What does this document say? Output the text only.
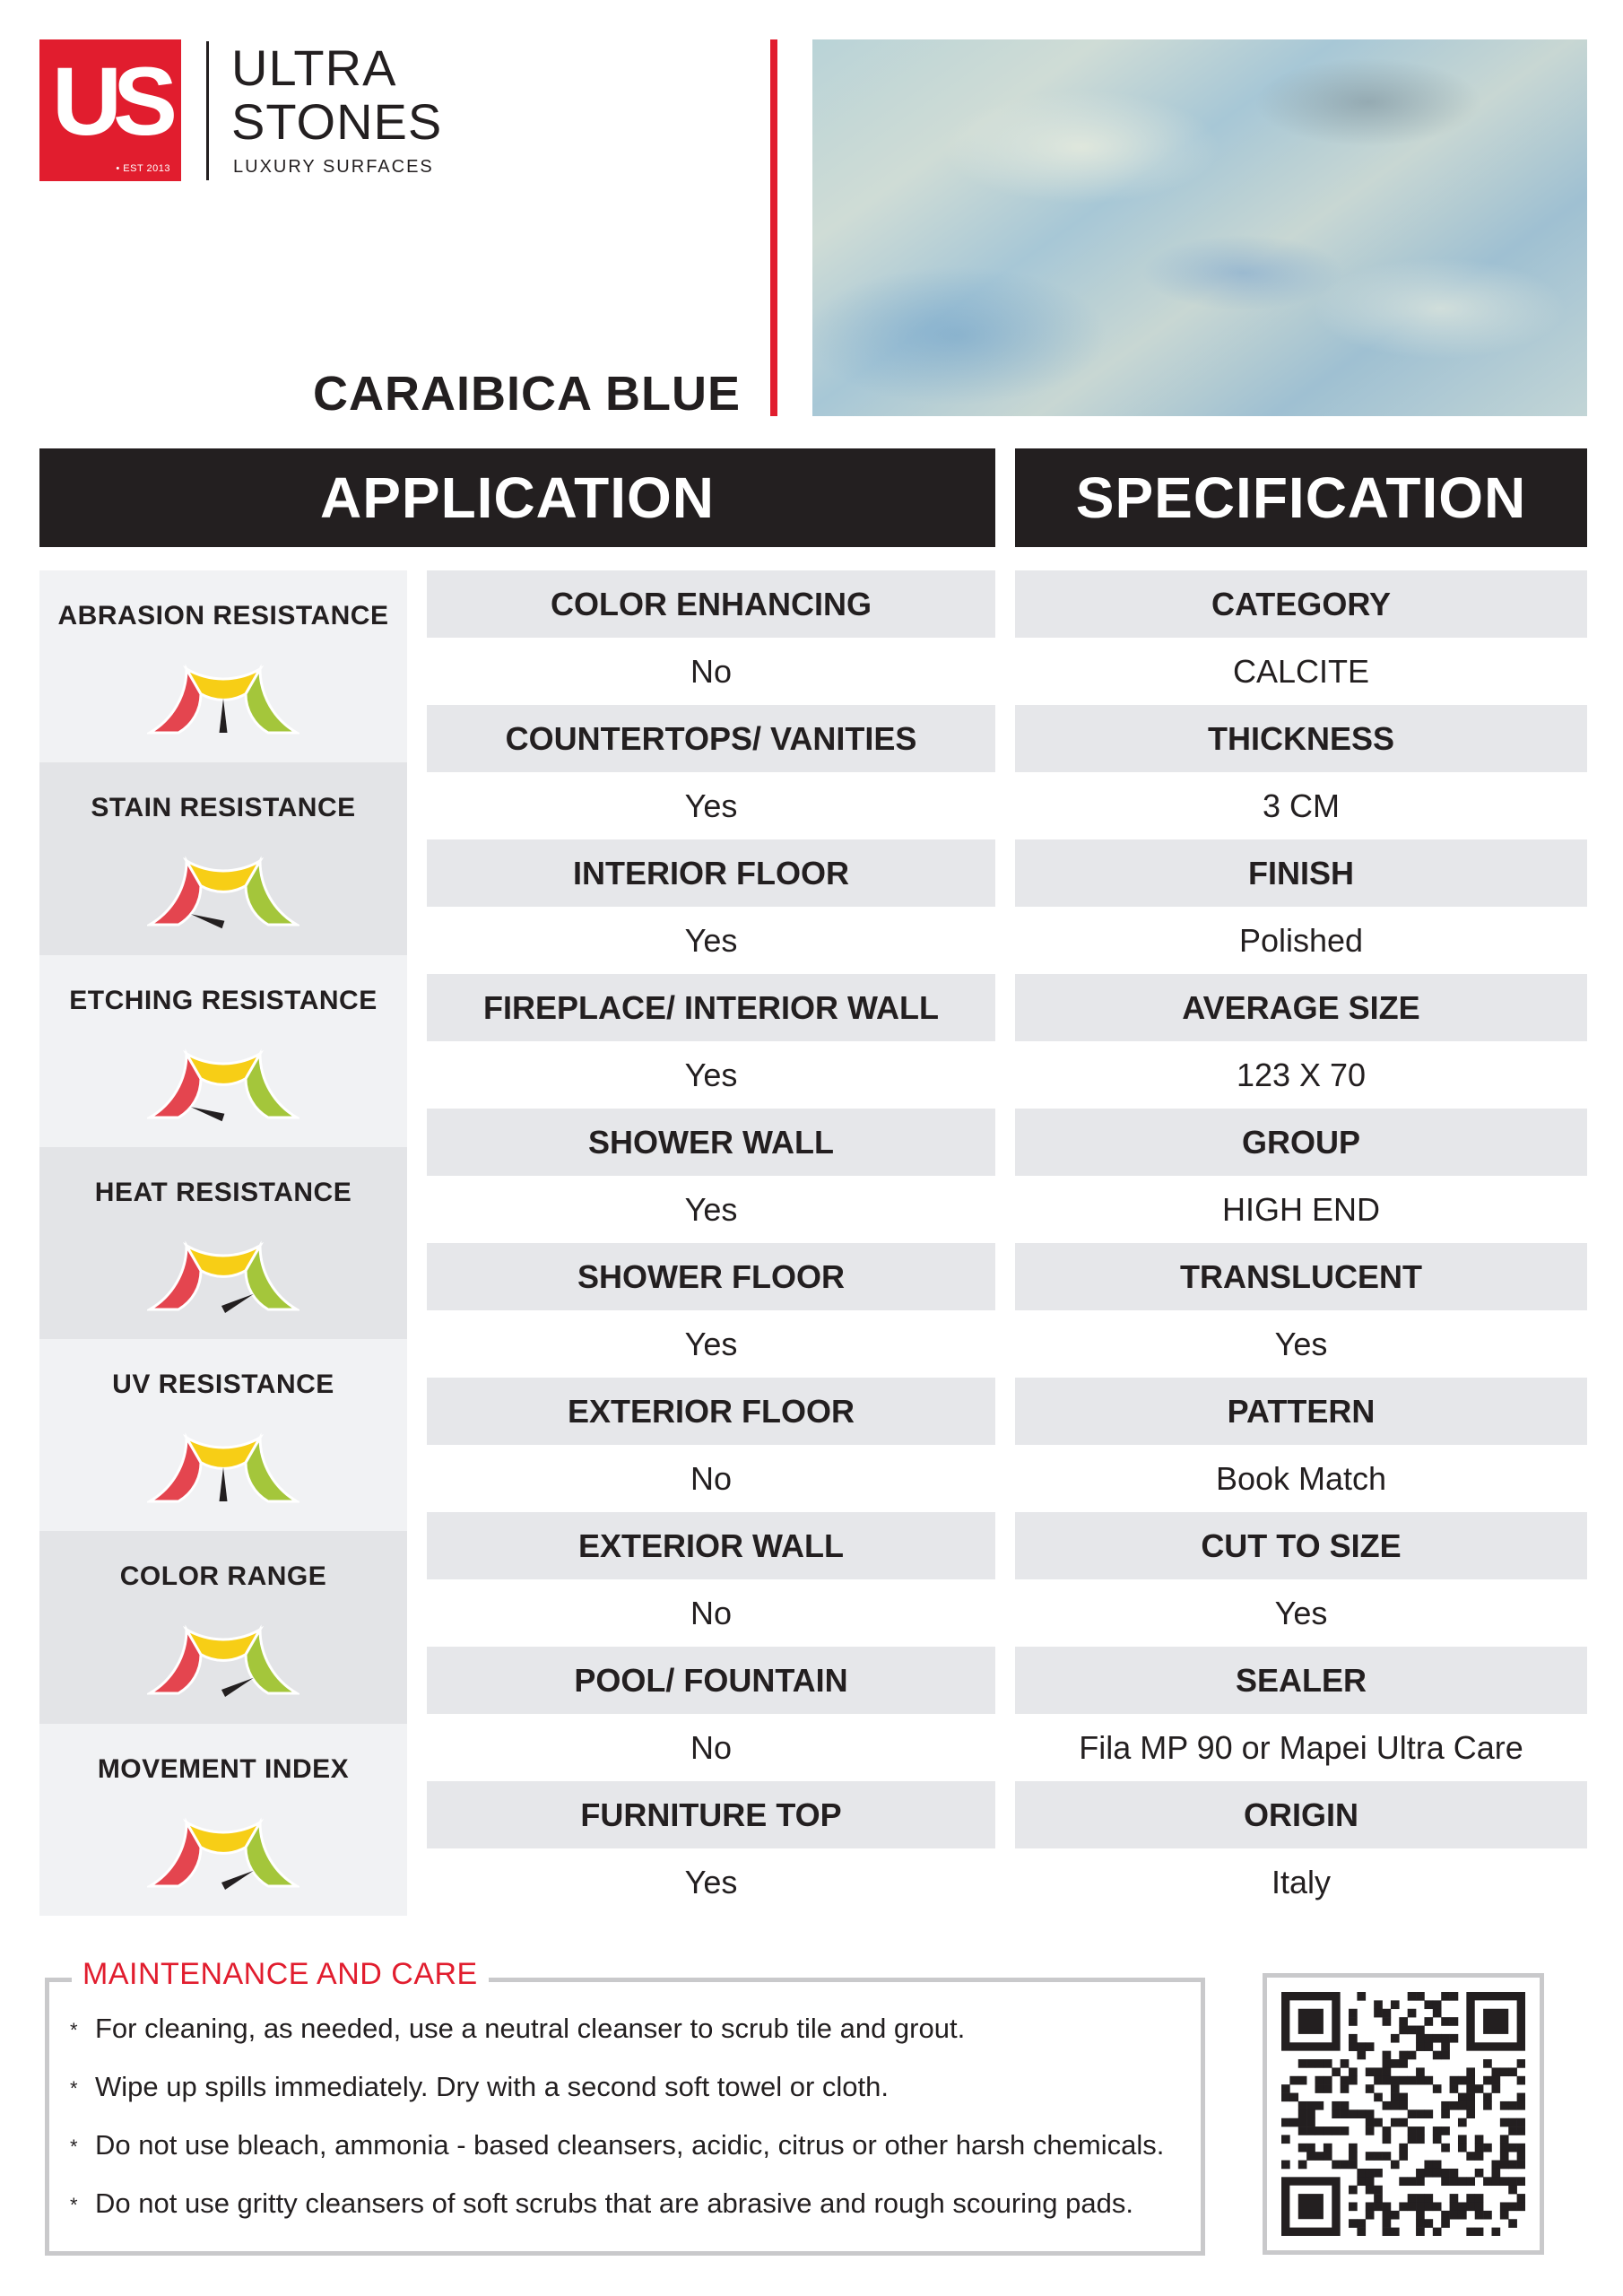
US
• EST 2013
ULTRA
STONES
LUXURY SURFACES
CARAIBICA BLUE
APPLICATION	SPECIFICATION
ABRASION RESISTANCE
STAIN RESISTANCE
ETCHING RESISTANCE
HEAT RESISTANCE
UV RESISTANCE
COLOR RANGE
MOVEMENT INDEX
COLOR ENHANCING
No
COUNTERTOPS/ VANITIES
Yes
INTERIOR FLOOR
Yes
FIREPLACE/ INTERIOR WALL
Yes
SHOWER WALL
Yes
SHOWER FLOOR
Yes
EXTERIOR FLOOR
No
EXTERIOR WALL
No
POOL/ FOUNTAIN
No
FURNITURE TOP
Yes
CATEGORY
CALCITE
THICKNESS
3 CM
FINISH
Polished
AVERAGE SIZE
123 X 70
GROUP
HIGH END
TRANSLUCENT
Yes
PATTERN
Book Match
CUT TO SIZE
Yes
SEALER
Fila MP 90 or Mapei Ultra Care
ORIGIN
Italy
MAINTENANCE AND CARE
* For cleaning, as needed, use a neutral cleanser to scrub tile and grout.
* Wipe up spills immediately. Dry with a second soft towel or cloth.
* Do not use bleach, ammonia - based cleansers, acidic, citrus or other harsh chemicals.
* Do not use gritty cleansers of soft scrubs that are abrasive and rough scouring pads.
